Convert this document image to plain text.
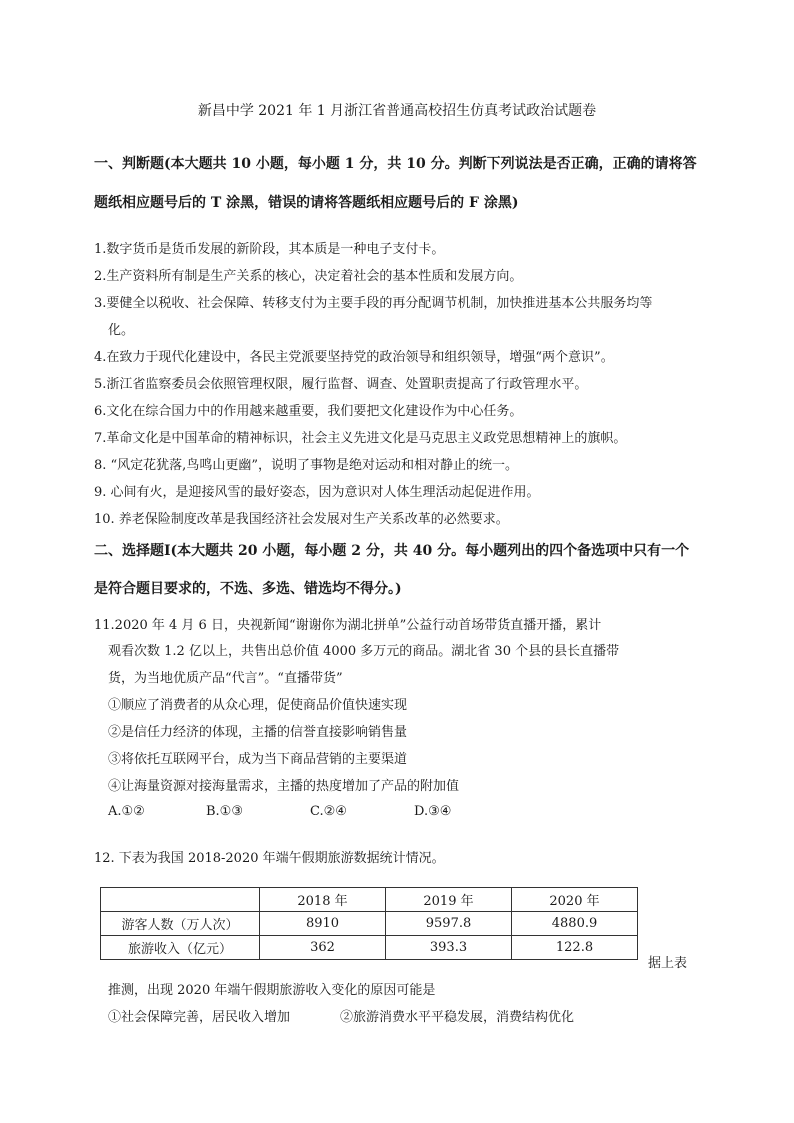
新昌中学 2021 年 1 月浙江省普通高校招生仿真考试政治试题卷
一、判断题(本大题共 10 小题，每小题 1 分，共 10 分。判断下列说法是否正确，正确的请将答
题纸相应题号后的 T 涂黑，错误的请将答题纸相应题号后的 F 涂黑)
1.数字货币是货币发展的新阶段，其本质是一种电子支付卡。
2.生产资料所有制是生产关系的核心，决定着社会的基本性质和发展方向。
3.要健全以税收、社会保障、转移支付为主要手段的再分配调节机制，加快推进基本公共服务均等
化。
4.在致力于现代化建设中，各民主党派要坚持党的政治领导和组织领导，增强“两个意识”。
5.浙江省监察委员会依照管理权限，履行监督、调查、处置职责提高了行政管理水平。
6.文化在综合国力中的作用越来越重要，我们要把文化建设作为中心任务。
7.革命文化是中国革命的精神标识，社会主义先进文化是马克思主义政党思想精神上的旗帜。
8. “风定花犹落,鸟鸣山更幽”，说明了事物是绝对运动和相对静止的统一。
9. 心间有火，是迎接风雪的最好姿态，因为意识对人体生理活动起促进作用。
10. 养老保险制度改革是我国经济社会发展对生产关系改革的必然要求。
二、选择题Ⅰ(本大题共 20 小题，每小题 2 分，共 40 分。每小题列出的四个备选项中只有一个
是符合题目要求的，不选、多选、错选均不得分。)
11.2020 年 4 月 6 日，央视新闻“谢谢你为湖北拼单”公益行动首场带货直播开播，累计
观看次数 1.2 亿以上，共售出总价值 4000 多万元的商品。湖北省 30 个县的县长直播带
货，为当地优质产品“代言”。“直播带货”
①顺应了消费者的从众心理，促使商品价值快速实现
②是信任力经济的体现，主播的信誉直接影响销售量
③将依托互联网平台，成为当下商品营销的主要渠道
④让海量资源对接海量需求，主播的热度增加了产品的附加值
A.①②	B.①③	C.②④	D.③④
12. 下表为我国 2018-2020 年端午假期旅游数据统计情况。
	2018 年	2019 年	2020 年
游客人数（万人次）	8910	9597.8	4880.9
旅游收入（亿元）	362	393.3	122.8
据上表
推测，出现 2020 年端午假期旅游收入变化的原因可能是
①社会保障完善，居民收入增加	②旅游消费水平平稳发展，消费结构优化
